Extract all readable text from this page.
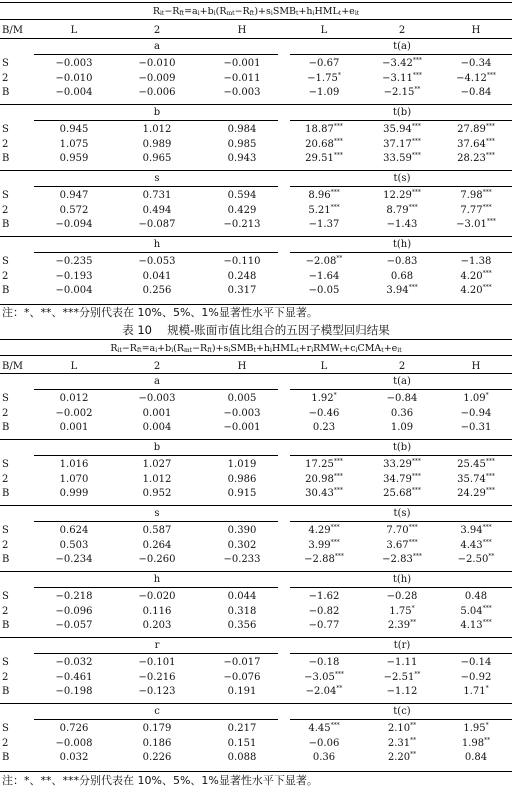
$R_{it}-R_{ft}=a_i+b_i(R_{mt}-R_{ft})+s_iSMB_t+h_iHML_t+e_{it}$
B/M	L	2	H	L	2	H
a	t(a)
S	−0.003	−0.010	−0.001	−0.67	−3.42***	−0.34
2	−0.010	−0.009	−0.011	−1.75*	−3.11***	−4.12***
B	−0.004	−0.006	−0.003	−1.09	−2.15**	−0.84
b	t(b)
S	0.945	1.012	0.984	18.87***	35.94***	27.89***
2	1.075	0.989	0.985	20.68***	37.17***	37.64***
B	0.959	0.965	0.943	29.51***	33.59***	28.23***
s	t(s)
S	0.947	0.731	0.594	8.96***	12.29***	7.98***
2	0.572	0.494	0.429	5.21***	8.79***	7.77***
B	−0.094	−0.087	−0.213	−1.37	−1.43	−3.01***
h	t(h)
S	−0.235	−0.053	−0.110	−2.08**	−0.83	−1.38
2	−0.193	0.041	0.248	−1.64	0.68	4.20***
B	−0.004	0.256	0.317	−0.05	3.94***	4.20***
注：*、**、***分别代表在 10%、5%、1%显著性水平下显著。
表 10　 规模-账面市值比组合的五因子模型回归结果
$R_{it}-R_{ft}=a_i+b_i(R_{mt}-R_{ft})+s_iSMB_t+h_iHML_t+r_iRMW_t+c_iCMA_t+e_{it}$
B/M	L	2	H	L	2	H
a	t(a)
S	0.012	−0.003	0.005	1.92*	−0.84	1.09*
2	−0.002	0.001	−0.003	−0.46	0.36	−0.94
B	0.001	0.004	−0.001	0.23	1.09	−0.31
b	t(b)
S	1.016	1.027	1.019	17.25***	33.29***	25.45***
2	1.070	1.012	0.986	20.98***	34.79***	35.74***
B	0.999	0.952	0.915	30.43***	25.68***	24.29***
s	t(s)
S	0.624	0.587	0.390	4.29***	7.70***	3.94***
2	0.503	0.264	0.302	3.99***	3.67***	4.43***
B	−0.234	−0.260	−0.233	−2.88***	−2.83***	−2.50**
h	t(h)
S	−0.218	−0.020	0.044	−1.62	−0.28	0.48
2	−0.096	0.116	0.318	−0.82	1.75*	5.04***
B	−0.057	0.203	0.356	−0.77	2.39**	4.13***
r	t(r)
S	−0.032	−0.101	−0.017	−0.18	−1.11	−0.14
2	−0.461	−0.216	−0.076	−3.05***	−2.51**	−0.92
B	−0.198	−0.123	0.191	−2.04**	−1.12	1.71*
c	t(c)
S	0.726	0.179	0.217	4.45***	2.10**	1.95*
2	−0.008	0.186	0.151	−0.06	2.31**	1.98**
B	0.032	0.226	0.088	0.36	2.20**	0.84
注：*、**、***分别代表在 10%、5%、1%显著性水平下显著。
